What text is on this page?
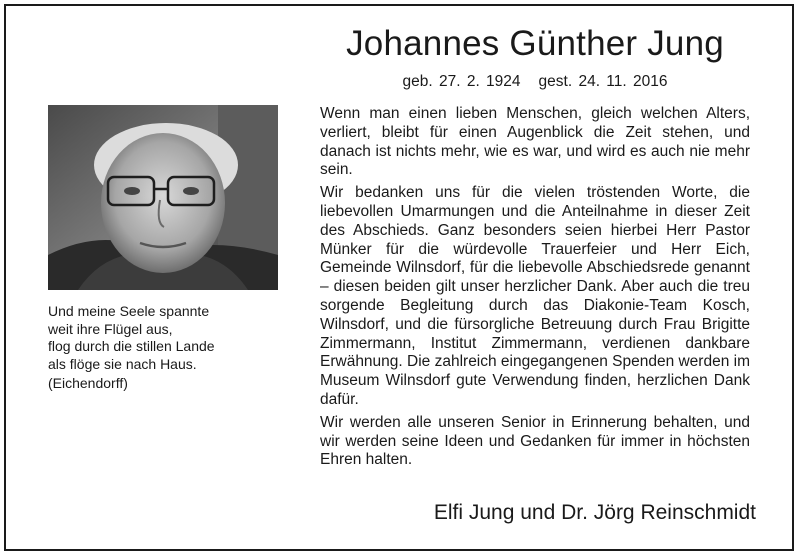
Johannes Günther Jung
geb. 27. 2. 1924 gest. 24. 11. 2016
Und meine Seele spannte
weit ihre Flügel aus,
flog durch die stillen Lande
als flöge sie nach Haus.
(Eichendorff)

Wenn man einen lieben Menschen, gleich welchen Alters, verliert, bleibt für einen Augenblick die Zeit stehen, und danach ist nichts mehr, wie es war, und wird es auch nie mehr sein.

Wir bedanken uns für die vielen tröstenden Worte, die liebevollen Umarmungen und die Anteilnahme in dieser Zeit des Abschieds. Ganz besonders seien hierbei Herr Pastor Münker für die würdevolle Trauerfeier und Herr Eich, Gemeinde Wilnsdorf, für die liebevolle Abschiedsrede genannt – diesen beiden gilt unser herzlicher Dank. Aber auch die treu sorgende Begleitung durch das Diakonie-Team Kosch, Wilnsdorf, und die fürsorgliche Betreuung durch Frau Brigitte Zimmermann, Institut Zimmermann, verdienen dankbare Erwähnung. Die zahlreich eingegangenen Spenden werden im Museum Wilnsdorf gute Verwendung finden, herzlichen Dank dafür.

Wir werden alle unseren Senior in Erinnerung behalten, und wir werden seine Ideen und Gedanken für immer in höchsten Ehren halten.

Elfi Jung und Dr. Jörg Reinschmidt
